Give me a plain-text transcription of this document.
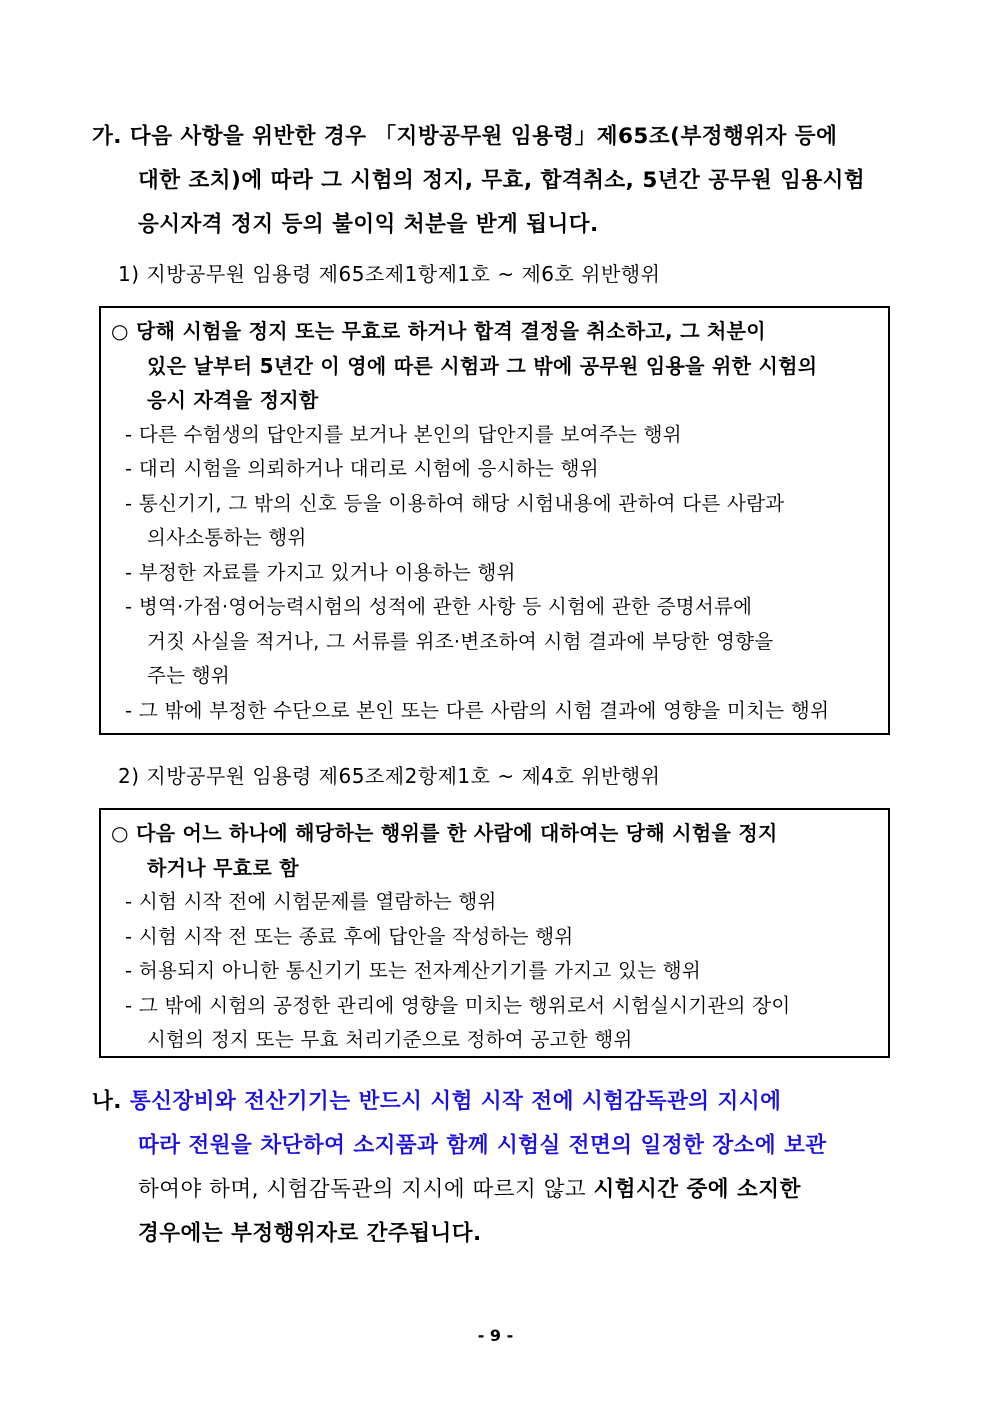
가. 다음 사항을 위반한 경우 「지방공무원 임용령」제65조(부정행위자 등에
대한 조치)에 따라 그 시험의 정지, 무효, 합격취소, 5년간 공무원 임용시험
응시자격 정지 등의 불이익 처분을 받게 됩니다.
1) 지방공무원 임용령 제65조제1항제1호 ~ 제6호 위반행위
○ 당해 시험을 정지 또는 무효로 하거나 합격 결정을 취소하고, 그 처분이
있은 날부터 5년간 이 영에 따른 시험과 그 밖에 공무원 임용을 위한 시험의
응시 자격을 정지함
- 다른 수험생의 답안지를 보거나 본인의 답안지를 보여주는 행위
- 대리 시험을 의뢰하거나 대리로 시험에 응시하는 행위
- 통신기기, 그 밖의 신호 등을 이용하여 해당 시험내용에 관하여 다른 사람과
의사소통하는 행위
- 부정한 자료를 가지고 있거나 이용하는 행위
- 병역·가점·영어능력시험의 성적에 관한 사항 등 시험에 관한 증명서류에
거짓 사실을 적거나, 그 서류를 위조·변조하여 시험 결과에 부당한 영향을
주는 행위
- 그 밖에 부정한 수단으로 본인 또는 다른 사람의 시험 결과에 영향을 미치는 행위
2) 지방공무원 임용령 제65조제2항제1호 ~ 제4호 위반행위
○ 다음 어느 하나에 해당하는 행위를 한 사람에 대하여는 당해 시험을 정지
하거나 무효로 함
- 시험 시작 전에 시험문제를 열람하는 행위
- 시험 시작 전 또는 종료 후에 답안을 작성하는 행위
- 허용되지 아니한 통신기기 또는 전자계산기기를 가지고 있는 행위
- 그 밖에 시험의 공정한 관리에 영향을 미치는 행위로서 시험실시기관의 장이
시험의 정지 또는 무효 처리기준으로 정하여 공고한 행위
나. 통신장비와 전산기기는 반드시 시험 시작 전에 시험감독관의 지시에
따라 전원을 차단하여 소지품과 함께 시험실 전면의 일정한 장소에 보관
하여야 하며, 시험감독관의 지시에 따르지 않고 시험시간 중에 소지한
경우에는 부정행위자로 간주됩니다.
- 9 -
